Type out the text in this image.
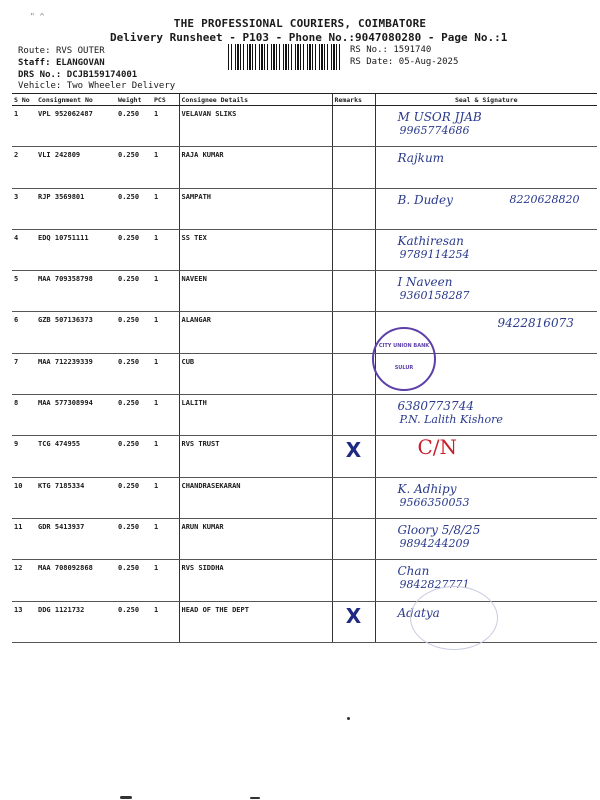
" ^
THE PROFESSIONAL COURIERS, COIMBATORE
Delivery Runsheet - P103 - Phone No.:9047080280 - Page No.:1
Route: RVS OUTER
Staff: ELANGOVAN
DRS No.: DCJB159174001
Vehicle: Two Wheeler Delivery
RS No.: 1591740
RS Date: 05-Aug-2025
S No	Consignment No	Weight	PCS	Consignee Details	Remarks	Seal & Signature
1	VPL 952062487	0.250	1	VELAVAN SLIKS		M USOR JJAB
9965774686

2	VLI 242809	0.250	1	RAJA KUMAR		Rajkum

3	RJP 3569801	0.250	1	SAMPATH		B. Dudey 8220628820

4	EDQ 10751111	0.250	1	SS TEX		Kathiresan
9789114254

5	MAA 709358798	0.250	1	NAVEEN		I Naveen
9360158287

6	GZB 507136373	0.250	1	ALANGAR		9422816073

7	MAA 712239339	0.250	1	CUB		

8	MAA 577308994	0.250	1	LALITH		6380773744
P.N. Lalith Kishore

9	TCG 474955	0.250	1	RVS TRUST	X	C/N

10	KTG 7185334	0.250	1	CHANDRASEKARAN		K. Adhipy
9566350053

11	GDR 5413937	0.250	1	ARUN KUMAR		Gloory 5/8/25
9894244209

12	MAA 708092868	0.250	1	RVS SIDDHA		Chan
9842827771

13	DDG 1121732	0.250	1	HEAD OF THE DEPT	X	Adatya
CITY UNION BANK
SULUR
